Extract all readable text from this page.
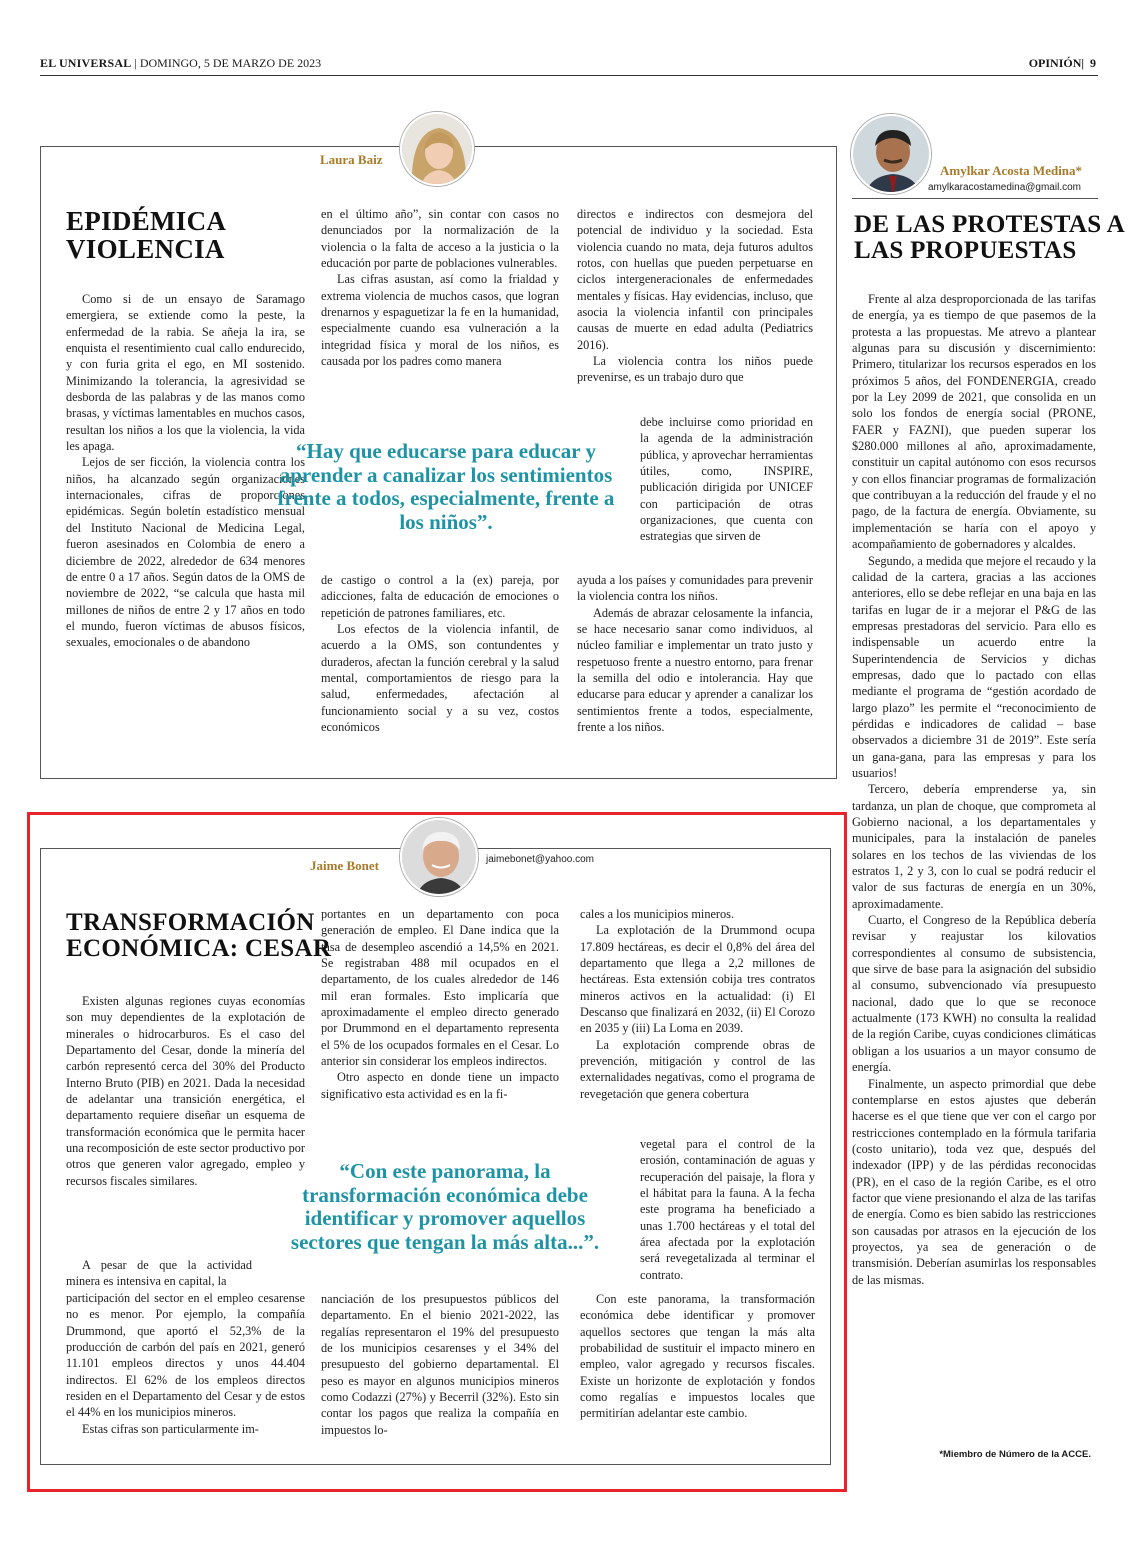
EL UNIVERSAL | DOMINGO, 5 DE MARZO DE 2023	OPINIÓN| 9
Laura Baiz
EPIDÉMICA
VIOLENCIA

Como si de un ensayo de Saramago emergiera, se extiende como la peste, la enfermedad de la rabia. Se añeja la ira, se enquista el resentimiento cual callo endurecido, y con furia grita el ego, en MI sostenido. Minimizando la tolerancia, la agresividad se desborda de las palabras y de las manos como brasas, y víctimas lamentables en muchos casos, resultan los niños a los que la violencia, la vida les apaga.

Lejos de ser ficción, la violencia contra los niños, ha alcanzado según organizaciones internacionales, cifras de proporciones epidémicas. Según boletín estadístico mensual del Instituto Nacional de Medicina Legal, fueron asesinados en Colombia de enero a diciembre de 2022, alrededor de 634 menores de entre 0 a 17 años. Según datos de la OMS de noviembre de 2022, “se calcula que hasta mil millones de niños de entre 2 y 17 años en todo el mundo, fueron víctimas de abusos físicos, sexuales, emocionales o de abandono

en el último año”, sin contar con casos no denunciados por la normalización de la violencia o la falta de acceso a la justicia o la educación por parte de poblaciones vulnerables.

Las cifras asustan, así como la frialdad y extrema violencia de muchos casos, que logran drenarnos y espaguetizar la fe en la humanidad, especialmente cuando esa vulneración a la integridad física y moral de los niños, es causada por los padres como manera

directos e indirectos con desmejora del potencial de individuo y la sociedad. Esta violencia cuando no mata, deja futuros adultos rotos, con huellas que pueden perpetuarse en ciclos intergeneracionales de enfermedades mentales y físicas. Hay evidencias, incluso, que asocia la violencia infantil con principales causas de muerte en edad adulta (Pediatrics 2016).

La violencia contra los niños puede prevenirse, es un trabajo duro que

“Hay que educarse para educar y aprender a canalizar los sentimientos frente a todos, especialmente, frente a los niños”.

debe incluirse como prioridad en la agenda de la administración pública, y aprovechar herramientas útiles, como, INSPIRE, publicación dirigida por UNICEF con participación de otras organizaciones, que cuenta con estrategias que sirven de

de castigo o control a la (ex) pareja, por adicciones, falta de educación de emociones o repetición de patrones familiares, etc.

Los efectos de la violencia infantil, de acuerdo a la OMS, son contundentes y duraderos, afectan la función cerebral y la salud mental, comportamientos de riesgo para la salud, enfermedades, afectación al funcionamiento social y a su vez, costos económicos

ayuda a los países y comunidades para prevenir la violencia contra los niños.

Además de abrazar celosamente la infancia, se hace necesario sanar como individuos, al núcleo familiar e implementar un trato justo y respetuoso frente a nuestro entorno, para frenar la semilla del odio e intolerancia. Hay que educarse para educar y aprender a canalizar los sentimientos frente a todos, especialmente, frente a los niños.

Jaime Bonet	jaimebonet@yahoo.com
TRANSFORMACIÓN
ECONÓMICA: CESAR

Existen algunas regiones cuyas economías son muy dependientes de la explotación de minerales o hidrocarburos. Es el caso del Departamento del Cesar, donde la minería del carbón representó cerca del 30% del Producto Interno Bruto (PIB) en 2021. Dada la necesidad de adelantar una transición energética, el departamento requiere diseñar un esquema de transformación económica que le permita hacer una recomposición de este sector productivo por otros que generen valor agregado, empleo y recursos fiscales similares.

A pesar de que la actividad minera es intensiva en capital, la

participación del sector en el empleo cesarense no es menor. Por ejemplo, la compañía Drummond, que aportó el 52,3% de la producción de carbón del país en 2021, generó 11.101 empleos directos y unos 44.404 indirectos. El 62% de los empleos directos residen en el Departamento del Cesar y de estos el 44% en los municipios mineros.

Estas cifras son particularmente im-

portantes en un departamento con poca generación de empleo. El Dane indica que la tasa de desempleo ascendió a 14,5% en 2021. Se registraban 488 mil ocupados en el departamento, de los cuales alrededor de 146 mil eran formales. Esto implicaría que aproximadamente el empleo directo generado por Drummond en el departamento representa el 5% de los ocupados formales en el Cesar. Lo anterior sin considerar los empleos indirectos.

Otro aspecto en donde tiene un impacto significativo esta actividad es en la fi-

“Con este panorama, la transformación económica debe identificar y promover aquellos sectores que tengan la más alta...”.

nanciación de los presupuestos públicos del departamento. En el bienio 2021-2022, las regalías representaron el 19% del presupuesto de los municipios cesarenses y el 34% del presupuesto del gobierno departamental. El peso es mayor en algunos municipios mineros como Codazzi (27%) y Becerril (32%). Esto sin contar los pagos que realiza la compañía en impuestos lo-

cales a los municipios mineros.

La explotación de la Drummond ocupa 17.809 hectáreas, es decir el 0,8% del área del departamento que llega a 2,2 millones de hectáreas. Esta extensión cobija tres contratos mineros activos en la actualidad: (i) El Descanso que finalizará en 2032, (ii) El Corozo en 2035 y (iii) La Loma en 2039.

La explotación comprende obras de prevención, mitigación y control de las externalidades negativas, como el programa de revegetación que genera cobertura

vegetal para el control de la erosión, contaminación de aguas y recuperación del paisaje, la flora y el hábitat para la fauna. A la fecha este programa ha beneficiado a unas 1.700 hectáreas y el total del área afectada por la explotación será revegetalizada al terminar el contrato.

Con este panorama, la transformación económica debe identificar y promover aquellos sectores que tengan la más alta probabilidad de sustituir el impacto minero en empleo, valor agregado y recursos fiscales. Existe un horizonte de explotación y fondos como regalías e impuestos locales que permitirían adelantar este cambio.

Amylkar Acosta Medina*
amylkaracostamedina@gmail.com
DE LAS PROTESTAS A
LAS PROPUESTAS

Frente al alza desproporcionada de las tarifas de energía, ya es tiempo de que pasemos de la protesta a las propuestas. Me atrevo a plantear algunas para su discusión y discernimiento: Primero, titularizar los recursos esperados en los próximos 5 años, del FONDENERGIA, creado por la Ley 2099 de 2021, que consolida en un solo los fondos de energía social (PRONE, FAER y FAZNI), que pueden superar los $280.000 millones al año, aproximadamente, constituir un capital autónomo con esos recursos y con ellos financiar programas de formalización que contribuyan a la reducción del fraude y el no pago, de la factura de energía. Obviamente, su implementación se haría con el apoyo y acompañamiento de gobernadores y alcaldes.

Segundo, a medida que mejore el recaudo y la calidad de la cartera, gracias a las acciones anteriores, ello se debe reflejar en una baja en las tarifas en lugar de ir a mejorar el P&G de las empresas prestadoras del servicio. Para ello es indispensable un acuerdo entre la Superintendencia de Servicios y dichas empresas, dado que lo pactado con ellas mediante el programa de “gestión acordado de largo plazo” les permite el “reconocimiento de pérdidas e indicadores de calidad – base observados a diciembre 31 de 2019”. Este sería un gana-gana, para las empresas y para los usuarios!

Tercero, debería emprenderse ya, sin tardanza, un plan de choque, que comprometa al Gobierno nacional, a los departamentales y municipales, para la instalación de paneles solares en los techos de las viviendas de los estratos 1, 2 y 3, con lo cual se podrá reducir el valor de sus facturas de energía en un 30%, aproximadamente.

Cuarto, el Congreso de la República debería revisar y reajustar los kilovatios correspondientes al consumo de subsistencia, que sirve de base para la asignación del subsidio al consumo, subvencionado vía presupuesto nacional, dado que lo que se reconoce actualmente (173 KWH) no consulta la realidad de la región Caribe, cuyas condiciones climáticas obligan a los usuarios a un mayor consumo de energía.

Finalmente, un aspecto primordial que debe contemplarse en estos ajustes que deberán hacerse es el que tiene que ver con el cargo por restricciones contemplado en la fórmula tarifaria (costo unitario), toda vez que, después del indexador (IPP) y de las pérdidas reconocidas (PR), en el caso de la región Caribe, es el otro factor que viene presionando el alza de las tarifas de energía. Como es bien sabido las restricciones son causadas por atrasos en la ejecución de los proyectos, ya sea de generación o de transmisión. Deberían asumirlas los responsables de las mismas.

*Miembro de Número de la ACCE.
